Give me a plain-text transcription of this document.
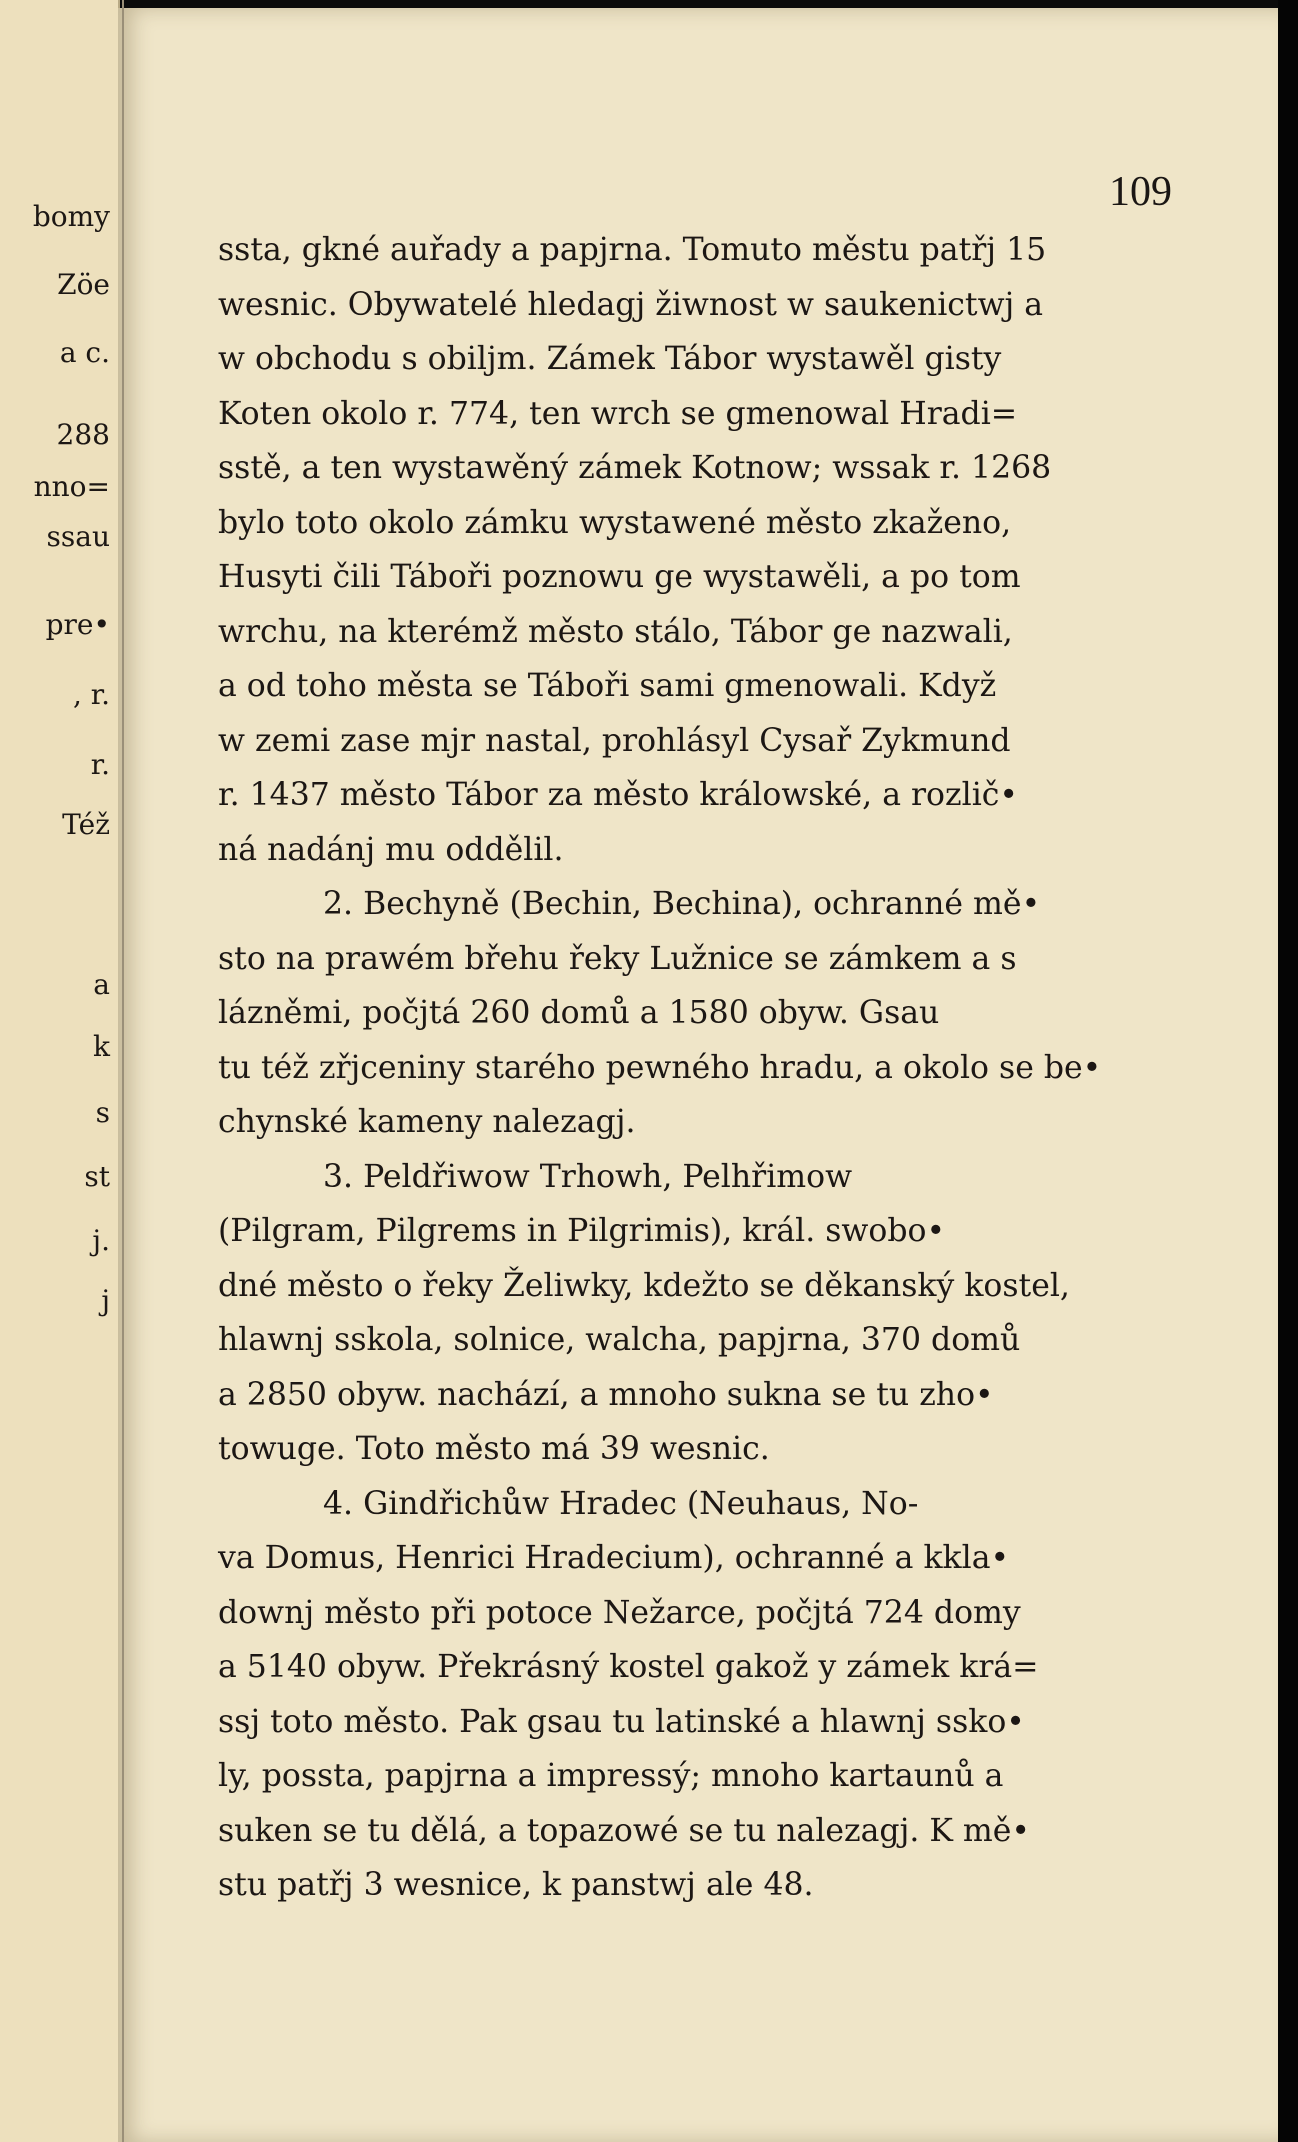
bomy
Zöe
a c.
288
nno=
ssau
pre•
, r.
r.
Též
a
k
s
st
j.
j
109
ssta, gkné auřady a papjrna. Tomuto městu patřj 15
wesnic. Obywatelé hledagj žiwnost w saukenictwj a
w obchodu s obiljm. Zámek Tábor wystawěl gisty
Koten okolo r. 774, ten wrch se gmenowal Hradi=
sstě, a ten wystawěný zámek Kotnow; wssak r. 1268
bylo toto okolo zámku wystawené město zkaženo,
Husyti čili Táboři poznowu ge wystawěli, a po tom
wrchu, na kterémž město stálo, Tábor ge nazwali,
a od toho města se Táboři sami gmenowali. Když
w zemi zase mjr nastal, prohlásyl Cysař Zykmund
r. 1437 město Tábor za město králowské, a rozlič•
ná nadánj mu oddělil.
2. Bechyně (Bechin, Bechina), ochranné mě•
sto na prawém břehu řeky Lužnice se zámkem a s
lázněmi, počjtá 260 domů a 1580 obyw. Gsau
tu též zřjceniny starého pewného hradu, a okolo se be•
chynské kameny nalezagj.
3. Peldřiwow Trhowh, Pelhřimow
(Pilgram, Pilgrems in Pilgrimis), král. swobo•
dné město o řeky Želiwky, kdežto se děkanský kostel,
hlawnj sskola, solnice, walcha, papjrna, 370 domů
a 2850 obyw. nachází, a mnoho sukna se tu zho•
towuge. Toto město má 39 wesnic.
4. Gindřichůw Hradec (Neuhaus, No-
va Domus, Henrici Hradecium), ochranné a kkla•
downj město při potoce Nežarce, počjtá 724 domy
a 5140 obyw. Překrásný kostel gakož y zámek krá=
ssj toto město. Pak gsau tu latinské a hlawnj ssko•
ly, possta, papjrna a impressý; mnoho kartaunů a
suken se tu dělá, a topazowé se tu nalezagj. K mě•
stu patřj 3 wesnice, k panstwj ale 48.
